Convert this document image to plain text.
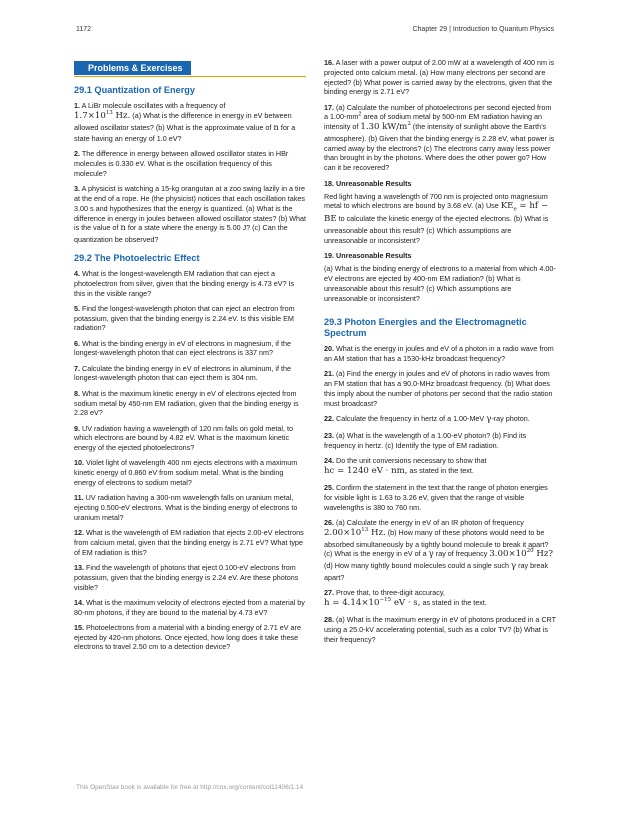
1172	Chapter 29 | Introduction to Quantum Physics
Problems & Exercises
29.1 Quantization of Energy

1. A LiBr molecule oscillates with a frequency of
$1.7\times 10^{13}$ Hz. (a) What is the difference in energy in eV between allowed oscillator states? (b) What is the approximate value of n for a state having an energy of 1.0 eV?

2. The difference in energy between allowed oscillator states in HBr molecules is 0.330 eV. What is the oscillation frequency of this molecule?

3. A physicist is watching a 15-kg orangutan at a zoo swing lazily in a tire at the end of a rope. He (the physicist) notices that each oscillation takes 3.00 s and hypothesizes that the energy is quantized. (a) What is the difference in energy in joules between allowed oscillator states? (b) What is the value of n for a state where the energy is 5.00 J? (c) Can the quantization be observed?

29.2 The Photoelectric Effect

4. What is the longest-wavelength EM radiation that can eject a photoelectron from silver, given that the binding energy is 4.73 eV? Is this in the visible range?

5. Find the longest-wavelength photon that can eject an electron from potassium, given that the binding energy is 2.24 eV. Is this visible EM radiation?

6. What is the binding energy in eV of electrons in magnesium, if the longest-wavelength photon that can eject electrons is 337 nm?

7. Calculate the binding energy in eV of electrons in aluminum, if the longest-wavelength photon that can eject them is 304 nm.

8. What is the maximum kinetic energy in eV of electrons ejected from sodium metal by 450-nm EM radiation, given that the binding energy is 2.28 eV?

9. UV radiation having a wavelength of 120 nm falls on gold metal, to which electrons are bound by 4.82 eV. What is the maximum kinetic energy of the ejected photoelectrons?

10. Violet light of wavelength 400 nm ejects electrons with a maximum kinetic energy of 0.860 eV from sodium metal. What is the binding energy of electrons to sodium metal?

11. UV radiation having a 300-nm wavelength falls on uranium metal, ejecting 0.500-eV electrons. What is the binding energy of electrons to uranium metal?

12. What is the wavelength of EM radiation that ejects 2.00-eV electrons from calcium metal, given that the binding energy is 2.71 eV? What type of EM radiation is this?

13. Find the wavelength of photons that eject 0.100-eV electrons from potassium, given that the binding energy is 2.24 eV. Are these photons visible?

14. What is the maximum velocity of electrons ejected from a material by 80-nm photons, if they are bound to the material by 4.73 eV?

15. Photoelectrons from a material with a binding energy of 2.71 eV are ejected by 420-nm photons. Once ejected, how long does it take these electrons to travel 2.50 cm to a detection device?

16. A laser with a power output of 2.00 mW at a wavelength of 400 nm is projected onto calcium metal. (a) How many electrons per second are ejected? (b) What power is carried away by the electrons, given that the binding energy is 2.71 eV?

17. (a) Calculate the number of photoelectrons per second ejected from a $1.00-mm^2$ area of sodium metal by 500-nm EM radiation having an intensity of 1.30 $kW/m^2$ (the intensity of sunlight above the Earth’s atmosphere). (b) Given that the binding energy is 2.28 eV, what power is carried away by the electrons? (c) The electrons carry away less power than brought in by the photons. Where does the other power go? How can it be recovered?

18. Unreasonable Results

Red light having a wavelength of 700 nm is projected onto magnesium metal to which electrons are bound by 3.68 eV. (a) Use $KE_e$ = hf − BE to calculate the kinetic energy of the ejected electrons. (b) What is unreasonable about this result? (c) Which assumptions are unreasonable or inconsistent?

19. Unreasonable Results

(a) What is the binding energy of electrons to a material from which 4.00-eV electrons are ejected by 400-nm EM radiation? (b) What is unreasonable about this result? (c) Which assumptions are unreasonable or inconsistent?

29.3 Photon Energies and the Electromagnetic Spectrum

20. What is the energy in joules and eV of a photon in a radio wave from an AM station that has a 1530-kHz broadcast frequency?

21. (a) Find the energy in joules and eV of photons in radio waves from an FM station that has a 90.0-MHz broadcast frequency. (b) What does this imply about the number of photons per second that the radio station must broadcast?

22. Calculate the frequency in hertz of a 1.00-MeV γ-ray photon.

23. (a) What is the wavelength of a 1.00-eV photon? (b) Find its frequency in hertz. (c) Identify the type of EM radiation.

24. Do the unit conversions necessary to show that
hc = 1240 eV · nm, as stated in the text.

25. Confirm the statement in the text that the range of photon energies for visible light is 1.63 to 3.26 eV, given that the range of visible wavelengths is 380 to 760 nm.

26. (a) Calculate the energy in eV of an IR photon of frequency $2.00\times 10^{13}$ Hz. (b) How many of these photons would need to be absorbed simultaneously by a tightly bound molecule to break it apart? (c) What is the energy in eV of a γ ray of frequency $3.00\times 10^{20}$ Hz? (d) How many tightly bound molecules could a single such γ ray break apart?

27. Prove that, to three-digit accuracy,
$h = 4.14\times 10^{-15}$ eV · s, as stated in the text.

28. (a) What is the maximum energy in eV of photons produced in a CRT using a 25.0-kV accelerating potential, such as a color TV? (b) What is their frequency?

This OpenStax book is available for free at http://cnx.org/content/col11406/1.14
